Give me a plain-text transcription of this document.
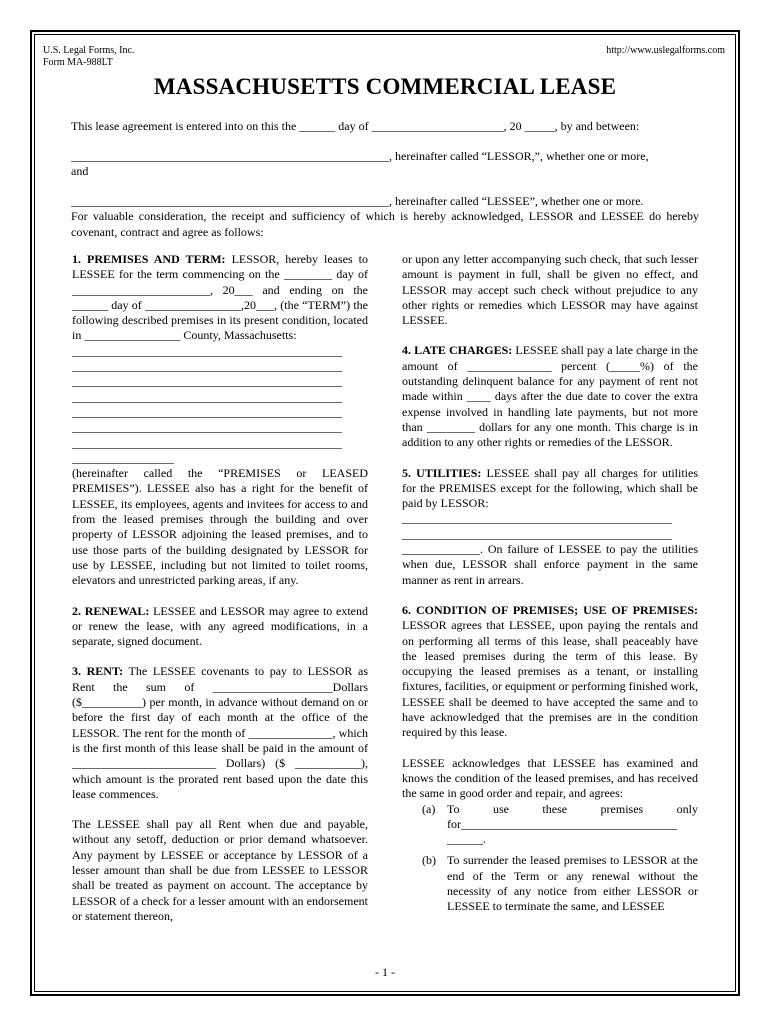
U.S. Legal Forms, Inc.
Form MA-988LT
http://www.uslegalforms.com
MASSACHUSETTS COMMERCIAL LEASE
This lease agreement is entered into on this the ______ day of ______________________, 20 _____, by and between:
_____________________________________________________, hereinafter called “LESSOR,”, whether one or more,
and
_____________________________________________________, hereinafter called “LESSEE”, whether one or more.
For valuable consideration, the receipt and sufficiency of which is hereby acknowledged, LESSOR and LESSEE do hereby covenant, contract and agree as follows:

1. PREMISES AND TERM: LESSOR, hereby leases to LESSEE for the term commencing on the ________ day of _______________________, 20___ and ending on the ______ day of ________________,20___, (the “TERM”) the following described premises in its present condition, located in ________________ County, Massachusetts:

_____________________________________________
_____________________________________________
_____________________________________________
_____________________________________________
_____________________________________________
_____________________________________________
_____________________________________________
_________________

(hereinafter called the “PREMISES or LEASED PREMISES”). LESSEE also has a right for the benefit of LESSEE, its employees, agents and invitees for access to and from the leased premises through the building and over property of LESSOR adjoining the leased premises, and to use those parts of the building designated by LESSOR for use by LESSEE, including but not limited to toilet rooms, elevators and unrestricted parking areas, if any.

2. RENEWAL: LESSEE and LESSOR may agree to extend or renew the lease, with any agreed modifications, in a separate, signed document.

3. RENT: The LESSEE covenants to pay to LESSOR as Rent the sum of ____________________Dollars ($__________) per month, in advance without demand on or before the first day of each month at the office of the LESSOR. The rent for the month of ______________, which is the first month of this lease shall be paid in the amount of ________________________ Dollars) ($ ___________), which amount is the prorated rent based upon the date this lease commences.

The LESSEE shall pay all Rent when due and payable, without any setoff, deduction or prior demand whatsoever. Any payment by LESSEE or acceptance by LESSOR of a lesser amount than shall be due from LESSEE to LESSOR shall be treated as payment on account. The acceptance by LESSOR of a check for a lesser amount with an endorsement or statement thereon,

or upon any letter accompanying such check, that such lesser amount is payment in full, shall be given no effect, and LESSOR may accept such check without prejudice to any other rights or remedies which LESSOR may have against LESSEE.

4. LATE CHARGES: LESSEE shall pay a late charge in the amount of ______________ percent (_____%) of the outstanding delinquent balance for any payment of rent not made within ____ days after the due date to cover the extra expense involved in handling late payments, but not more than ________ dollars for any one month. This charge is in addition to any other rights or remedies of the LESSOR.

5. UTILITIES: LESSEE shall pay all charges for utilities for the PREMISES except for the following, which shall be paid by LESSOR:

_____________________________________________
_____________________________________________

_____________. On failure of LESSEE to pay the utilities when due, LESSOR shall enforce payment in the same manner as rent in arrears.

6. CONDITION OF PREMISES; USE OF PREMISES: LESSOR agrees that LESSEE, upon paying the rentals and on performing all terms of this lease, shall peaceably have the leased premises during the term of this lease. By occupying the leased premises as a tenant, or installing fixtures, facilities, or equipment or performing finished work, LESSEE shall be deemed to have accepted the same and to have acknowledged that the premises are in the condition required by this lease.

LESSEE acknowledges that LESSEE has examined and knows the condition of the leased premises, and has received the same in good order and repair, and agrees:

(a) To use these premises only for____________________________________ ______.
(b) To surrender the leased premises to LESSOR at the end of the Term or any renewal without the necessity of any notice from either LESSOR or LESSEE to terminate the same, and LESSEE
- 1 -
